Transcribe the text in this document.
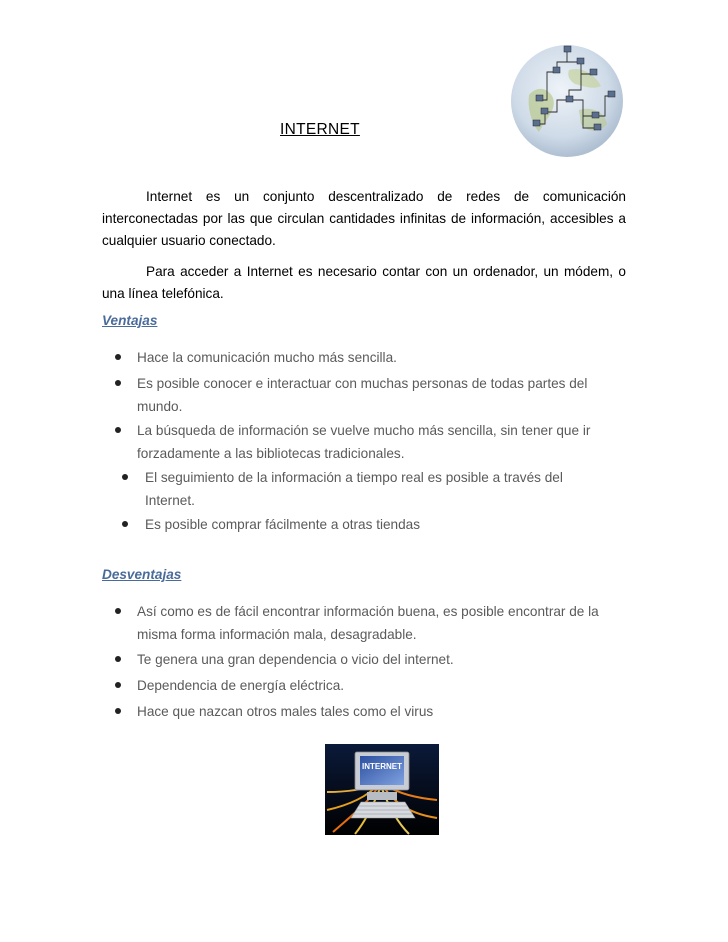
INTERNET
Internet es un conjunto descentralizado de redes de comunicación interconectadas por las que circulan cantidades infinitas de información, accesibles a cualquier usuario conectado.
Para acceder a Internet es necesario contar con un ordenador, un módem, o una línea telefónica.
Ventajas
Hace la comunicación mucho más sencilla.
Es posible conocer e interactuar con muchas personas de todas partes del
mundo.
La búsqueda de información se vuelve mucho más sencilla, sin tener que ir
forzadamente a las bibliotecas tradicionales.
El seguimiento de la información a tiempo real es posible a través del
Internet.
Es posible comprar fácilmente a otras tiendas
Desventajas
Así como es de fácil encontrar información buena, es posible encontrar de la
misma forma información mala, desagradable.
Te genera una gran dependencia o vicio del internet.
Dependencia de energía eléctrica.
Hace que nazcan otros males tales como el virus
INTERNET
